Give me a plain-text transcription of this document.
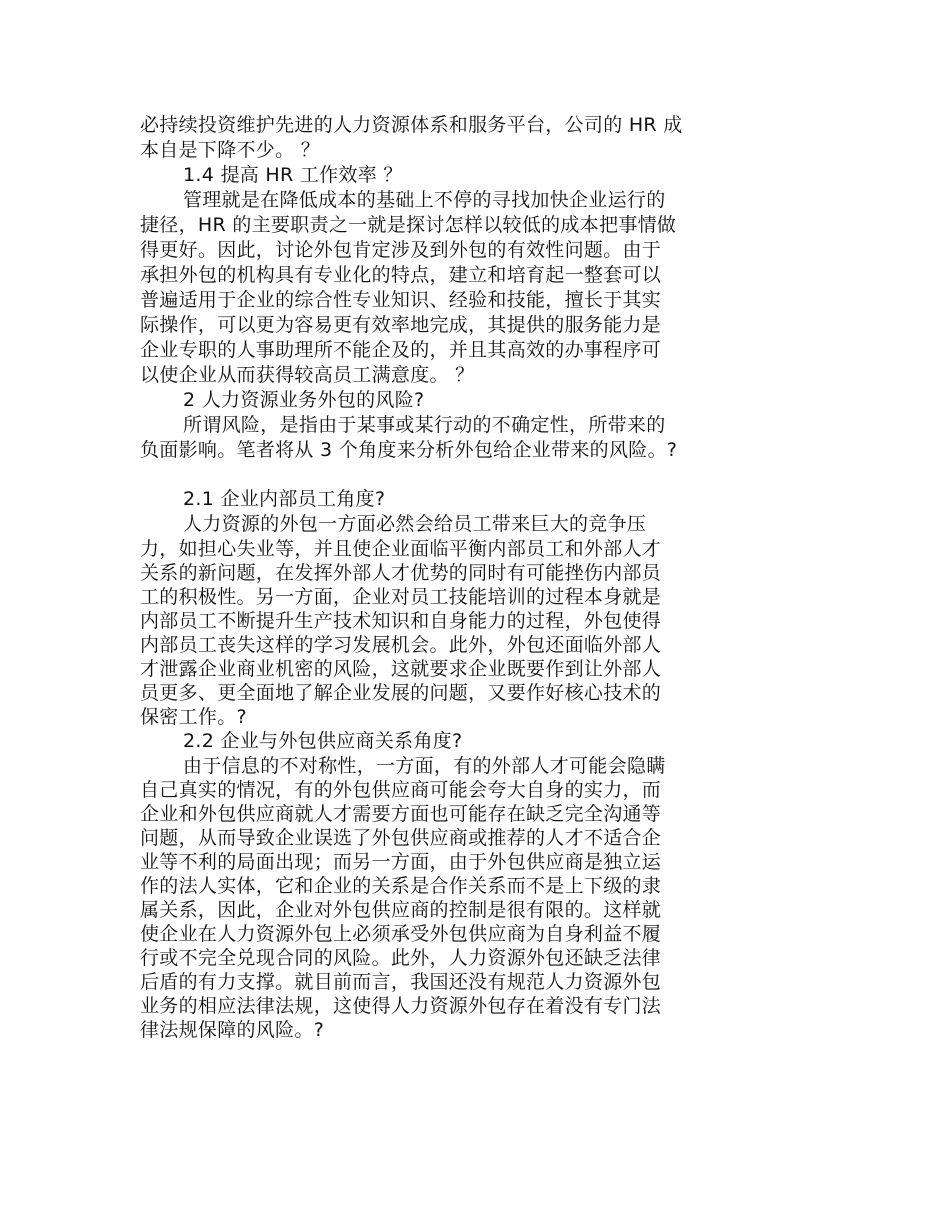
必持续投资维护先进的人力资源体系和服务平台，公司的 HR 成
本自是下降不少。 ？
1.4 提高 HR 工作效率 ？
管理就是在降低成本的基础上不停的寻找加快企业运行的
捷径，HR 的主要职责之一就是探讨怎样以较低的成本把事情做
得更好。因此，讨论外包肯定涉及到外包的有效性问题。由于
承担外包的机构具有专业化的特点，建立和培育起一整套可以
普遍适用于企业的综合性专业知识、经验和技能，擅长于其实
际操作，可以更为容易更有效率地完成，其提供的服务能力是
企业专职的人事助理所不能企及的，并且其高效的办事程序可
以使企业从而获得较高员工满意度。 ？
2 人力资源业务外包的风险?
所谓风险，是指由于某事或某行动的不确定性，所带来的
负面影响。笔者将从 3 个角度来分析外包给企业带来的风险。?
2.1 企业内部员工角度?
人力资源的外包一方面必然会给员工带来巨大的竞争压
力，如担心失业等，并且使企业面临平衡内部员工和外部人才
关系的新问题，在发挥外部人才优势的同时有可能挫伤内部员
工的积极性。另一方面，企业对员工技能培训的过程本身就是
内部员工不断提升生产技术知识和自身能力的过程，外包使得
内部员工丧失这样的学习发展机会。此外，外包还面临外部人
才泄露企业商业机密的风险，这就要求企业既要作到让外部人
员更多、更全面地了解企业发展的问题，又要作好核心技术的
保密工作。?
2.2 企业与外包供应商关系角度?
由于信息的不对称性，一方面，有的外部人才可能会隐瞒
自己真实的情况，有的外包供应商可能会夸大自身的实力，而
企业和外包供应商就人才需要方面也可能存在缺乏完全沟通等
问题，从而导致企业误选了外包供应商或推荐的人才不适合企
业等不利的局面出现；而另一方面，由于外包供应商是独立运
作的法人实体，它和企业的关系是合作关系而不是上下级的隶
属关系，因此，企业对外包供应商的控制是很有限的。这样就
使企业在人力资源外包上必须承受外包供应商为自身利益不履
行或不完全兑现合同的风险。此外，人力资源外包还缺乏法律
后盾的有力支撑。就目前而言，我国还没有规范人力资源外包
业务的相应法律法规，这使得人力资源外包存在着没有专门法
律法规保障的风险。?
